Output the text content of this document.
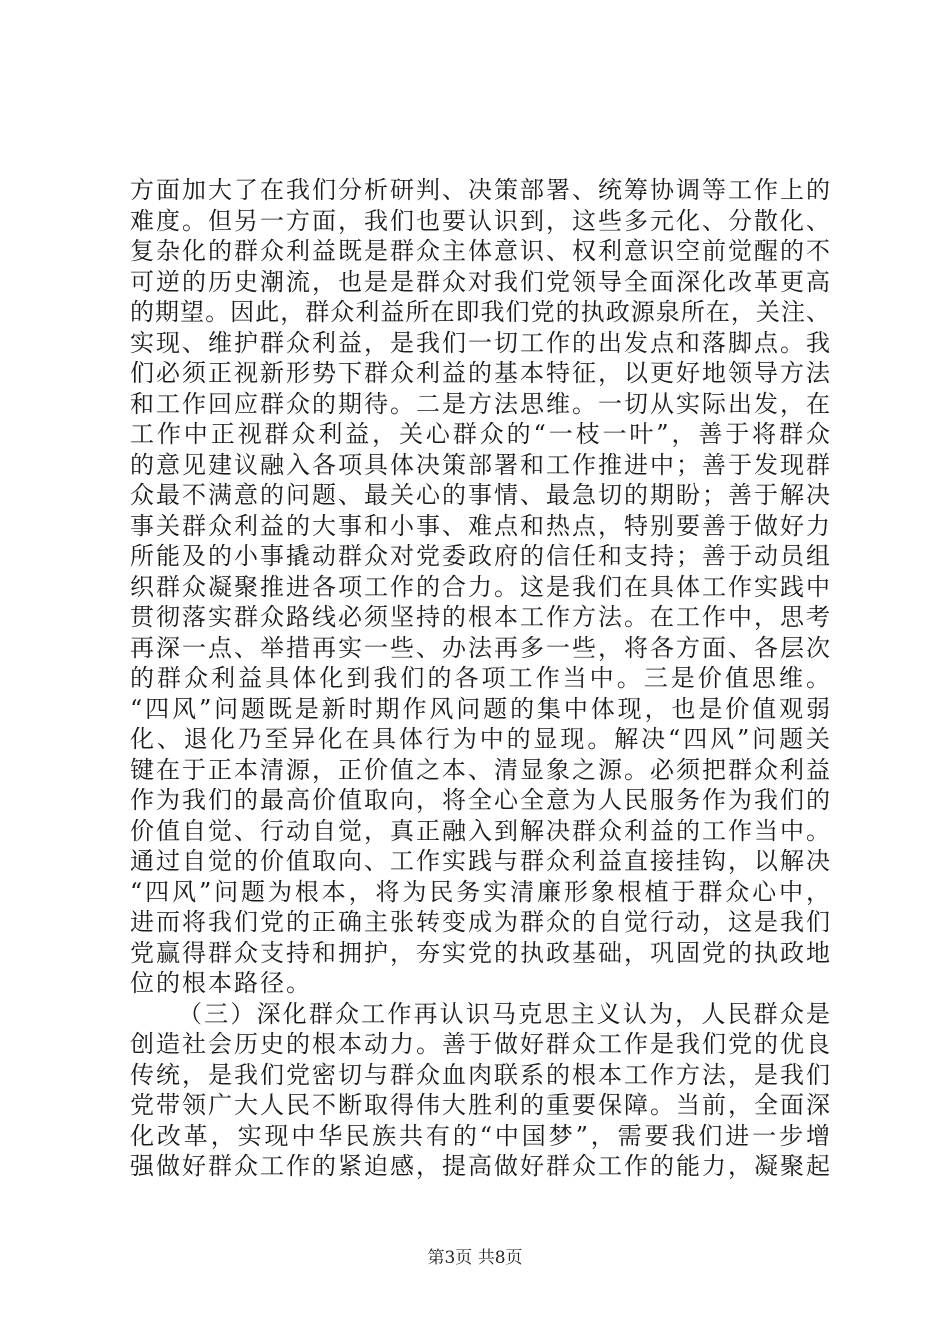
方面加大了在我们分析研判、决策部署、统筹协调等工作上的
难度。但另一方面，我们也要认识到，这些多元化、分散化、
复杂化的群众利益既是群众主体意识、权利意识空前觉醒的不
可逆的历史潮流，也是是群众对我们党领导全面深化改革更高
的期望。因此，群众利益所在即我们党的执政源泉所在，关注、
实现、维护群众利益，是我们一切工作的出发点和落脚点。我
们必须正视新形势下群众利益的基本特征，以更好地领导方法
和工作回应群众的期待。二是方法思维。一切从实际出发，在
工作中正视群众利益，关心群众的“一枝一叶”，善于将群众
的意见建议融入各项具体决策部署和工作推进中；善于发现群
众最不满意的问题、最关心的事情、最急切的期盼；善于解决
事关群众利益的大事和小事、难点和热点，特别要善于做好力
所能及的小事撬动群众对党委政府的信任和支持；善于动员组
织群众凝聚推进各项工作的合力。这是我们在具体工作实践中
贯彻落实群众路线必须坚持的根本工作方法。在工作中，思考
再深一点、举措再实一些、办法再多一些，将各方面、各层次
的群众利益具体化到我们的各项工作当中。三是价值思维。
“四风”问题既是新时期作风问题的集中体现，也是价值观弱
化、退化乃至异化在具体行为中的显现。解决“四风”问题关
键在于正本清源，正价值之本、清显象之源。必须把群众利益
作为我们的最高价值取向，将全心全意为人民服务作为我们的
价值自觉、行动自觉，真正融入到解决群众利益的工作当中。
通过自觉的价值取向、工作实践与群众利益直接挂钩，以解决
“四风”问题为根本，将为民务实清廉形象根植于群众心中，
进而将我们党的正确主张转变成为群众的自觉行动，这是我们
党赢得群众支持和拥护，夯实党的执政基础，巩固党的执政地
位的根本路径。
（三）深化群众工作再认识马克思主义认为，人民群众是
创造社会历史的根本动力。善于做好群众工作是我们党的优良
传统，是我们党密切与群众血肉联系的根本工作方法，是我们
党带领广大人民不断取得伟大胜利的重要保障。当前，全面深
化改革，实现中华民族共有的“中国梦”，需要我们进一步增
强做好群众工作的紧迫感，提高做好群众工作的能力，凝聚起
第3页 共8页
